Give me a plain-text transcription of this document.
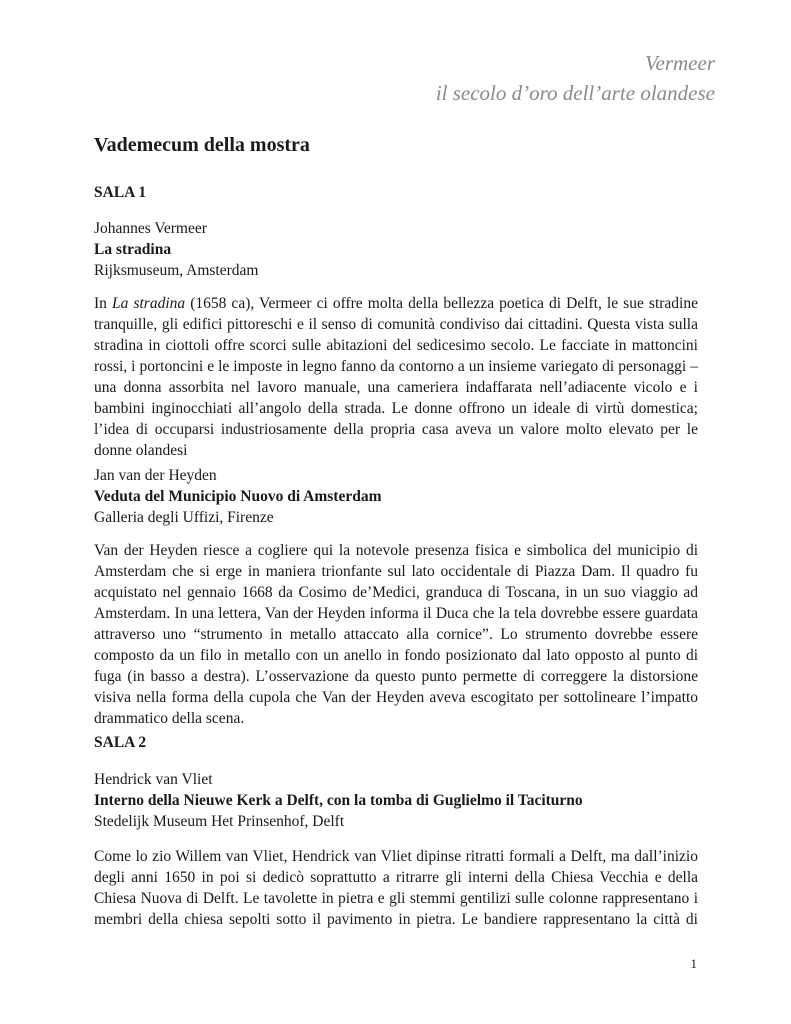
Vermeer
il secolo d’oro dell’arte olandese
Vademecum della mostra
SALA 1
Johannes Vermeer
La stradina
Rijksmuseum, Amsterdam
In La stradina (1658 ca), Vermeer ci offre molta della bellezza poetica di Delft, le sue stradine tranquille, gli edifici pittoreschi e il senso di comunità condiviso dai cittadini. Questa vista sulla stradina in ciottoli offre scorci sulle abitazioni del sedicesimo secolo. Le facciate in mattoncini rossi, i portoncini e le imposte in legno fanno da contorno a un insieme variegato di personaggi – una donna assorbita nel lavoro manuale, una cameriera indaffarata nell’adiacente vicolo e i bambini inginocchiati all’angolo della strada. Le donne offrono un ideale di virtù domestica; l’idea di occuparsi industriosamente della propria casa aveva un valore molto elevato per le donne olandesi
Jan van der Heyden
Veduta del Municipio Nuovo di Amsterdam
Galleria degli Uffizi, Firenze
Van der Heyden riesce a cogliere qui la notevole presenza fisica e simbolica del municipio di Amsterdam che si erge in maniera trionfante sul lato occidentale di Piazza Dam. Il quadro fu acquistato nel gennaio 1668 da Cosimo de’Medici, granduca di Toscana, in un suo viaggio ad Amsterdam. In una lettera, Van der Heyden informa il Duca che la tela dovrebbe essere guardata attraverso uno “strumento in metallo attaccato alla cornice”. Lo strumento dovrebbe essere composto da un filo in metallo con un anello in fondo posizionato dal lato opposto al punto di fuga (in basso a destra). L’osservazione da questo punto permette di correggere la distorsione visiva nella forma della cupola che Van der Heyden aveva escogitato per sottolineare l’impatto drammatico della scena.
SALA 2
Hendrick van Vliet
Interno della Nieuwe Kerk a Delft, con la tomba di Guglielmo il Taciturno
Stedelijk Museum Het Prinsenhof, Delft
Come lo zio Willem van Vliet, Hendrick van Vliet dipinse ritratti formali a Delft, ma dall’inizio degli anni 1650 in poi si dedicò soprattutto a ritrarre gli interni della Chiesa Vecchia e della Chiesa Nuova di Delft. Le tavolette in pietra e gli stemmi gentilizi sulle colonne rappresentano i membri della chiesa sepolti sotto il pavimento in pietra. Le bandiere rappresentano la città di
1
